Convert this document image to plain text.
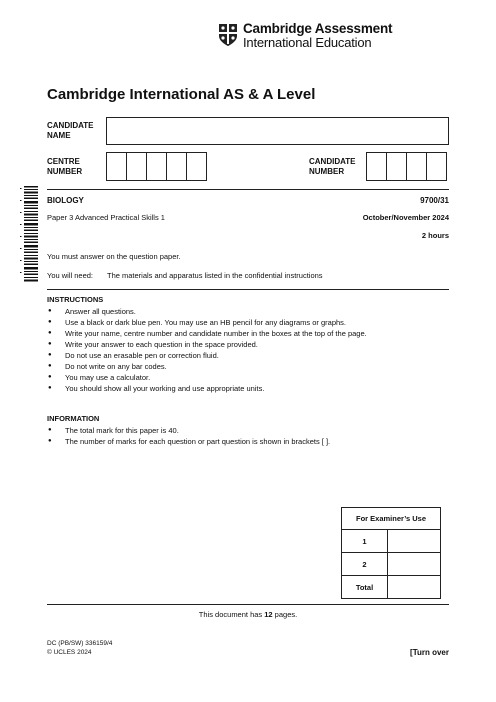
Cambridge Assessment
International Education
Cambridge International AS & A Level
CANDIDATE NAME
CENTRE NUMBER
CANDIDATE NUMBER
BIOLOGY	9700/31
Paper 3 Advanced Practical Skills 1	October/November 2024
2 hours
You must answer on the question paper.
You will need: The materials and apparatus listed in the confidential instructions
INSTRUCTIONS
● Answer all questions.
● Use a black or dark blue pen. You may use an HB pencil for any diagrams or graphs.
● Write your name, centre number and candidate number in the boxes at the top of the page.
● Write your answer to each question in the space provided.
● Do not use an erasable pen or correction fluid.
● Do not write on any bar codes.
● You may use a calculator.
● You should show all your working and use appropriate units.
INFORMATION
● The total mark for this paper is 40.
● The number of marks for each question or part question is shown in brackets [ ].
For Examiner’s Use	
1	
2	
Total	
This document has 12 pages.
DC (PB/SW) 336159/4
© UCLES 2024	[Turn over
